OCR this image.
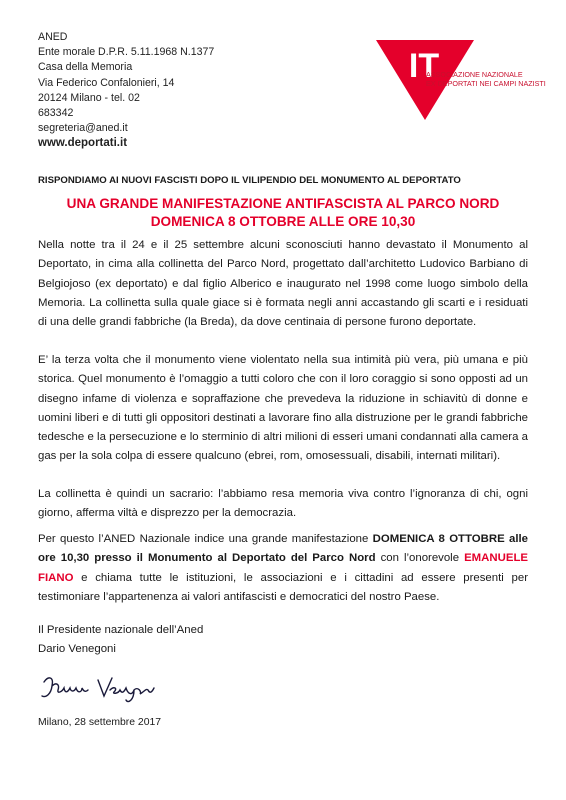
ANED
Ente morale D.P.R. 5.11.1968 N.1377
Casa della Memoria
Via Federico Confalonieri, 14
20124 Milano - tel. 02
683342
segreteria@aned.it
www.deportati.it
IT
ASSOCIAZIONE NAZIONALE
EX DEPORTATI NEI CAMPI NAZISTI
RISPONDIAMO AI NUOVI FASCISTI DOPO IL VILIPENDIO DEL MONUMENTO AL DEPORTATO
UNA GRANDE MANIFESTAZIONE ANTIFASCISTA AL PARCO NORD
DOMENICA 8 OTTOBRE ALLE ORE 10,30
Nella notte tra il 24 e il 25 settembre alcuni sconosciuti hanno devastato il Monumento al Deportato, in cima alla collinetta del Parco Nord, progettato dall’architetto Ludovico Barbiano di Belgiojoso (ex deportato) e dal figlio Alberico e inaugurato nel 1998 come luogo simbolo della Memoria. La collinetta sulla quale giace si è formata negli anni accastando gli scarti e i residuati di una delle grandi fabbriche (la Breda), da dove centinaia di persone furono deportate.
E’ la terza volta che il monumento viene violentato nella sua intimità più vera, più umana e più storica. Quel monumento è l’omaggio a tutti coloro che con il loro coraggio si sono opposti ad un disegno infame di violenza e sopraffazione che prevedeva la riduzione in schiavitù di donne e uomini liberi e di tutti gli oppositori destinati a lavorare fino alla distruzione per le grandi fabbriche tedesche e la persecuzione e lo sterminio di altri milioni di esseri umani condannati alla camera a gas per la sola colpa di essere qualcuno (ebrei, rom, omosessuali, disabili, internati militari).
La collinetta è quindi un sacrario: l’abbiamo resa memoria viva contro l’ignoranza di chi, ogni giorno, afferma viltà e disprezzo per la democrazia.
Per questo l’ANED Nazionale indice una grande manifestazione DOMENICA 8 OTTOBRE alle ore 10,30 presso il Monumento al Deportato del Parco Nord con l’onorevole EMANUELE FIANO e chiama tutte le istituzioni, le associazioni e i cittadini ad essere presenti per testimoniare l’appartenenza ai valori antifascisti e democratici del nostro Paese.
Il Presidente nazionale dell’Aned
Dario Venegoni
Milano, 28 settembre 2017
